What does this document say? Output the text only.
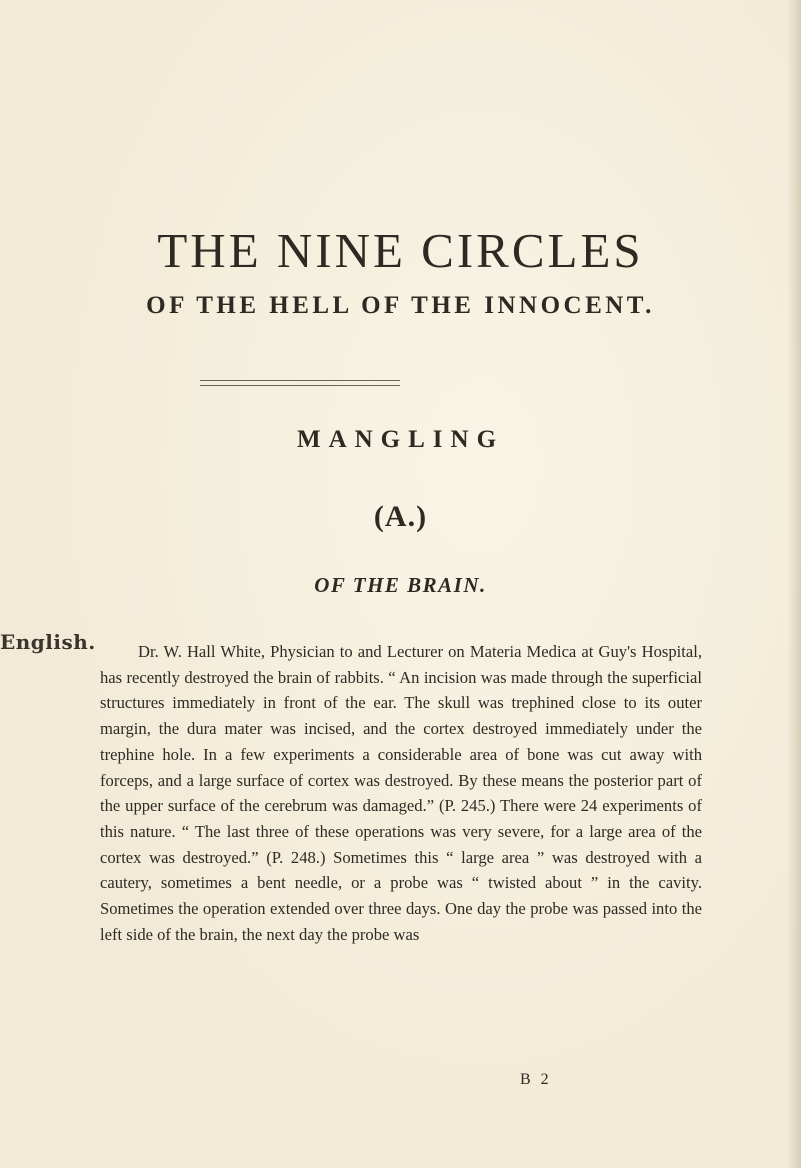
THE NINE CIRCLES
OF THE HELL OF THE INNOCENT.
MANGLING
(A.)
OF THE BRAIN.
English.	Dr. W. Hall White, Physician to and Lecturer on Materia Medica at Guy's Hospital, has recently destroyed the brain of rabbits. “ An incision was made through the superficial structures immediately in front of the ear. The skull was trephined close to its outer margin, the dura mater was incised, and the cortex destroyed immediately under the trephine hole. In a few experiments a considerable area of bone was cut away with forceps, and a large surface of cortex was destroyed. By these means the posterior part of the upper surface of the cerebrum was damaged.” (P. 245.) There were 24 experiments of this nature. “ The last three of these operations was very severe, for a large area of the cortex was destroyed.” (P. 248.) Sometimes this “ large area ” was destroyed with a cautery, sometimes a bent needle, or a probe was “ twisted about ” in the cavity. Sometimes the operation extended over three days. One day the probe was passed into the left side of the brain, the next day the probe was

B 2
